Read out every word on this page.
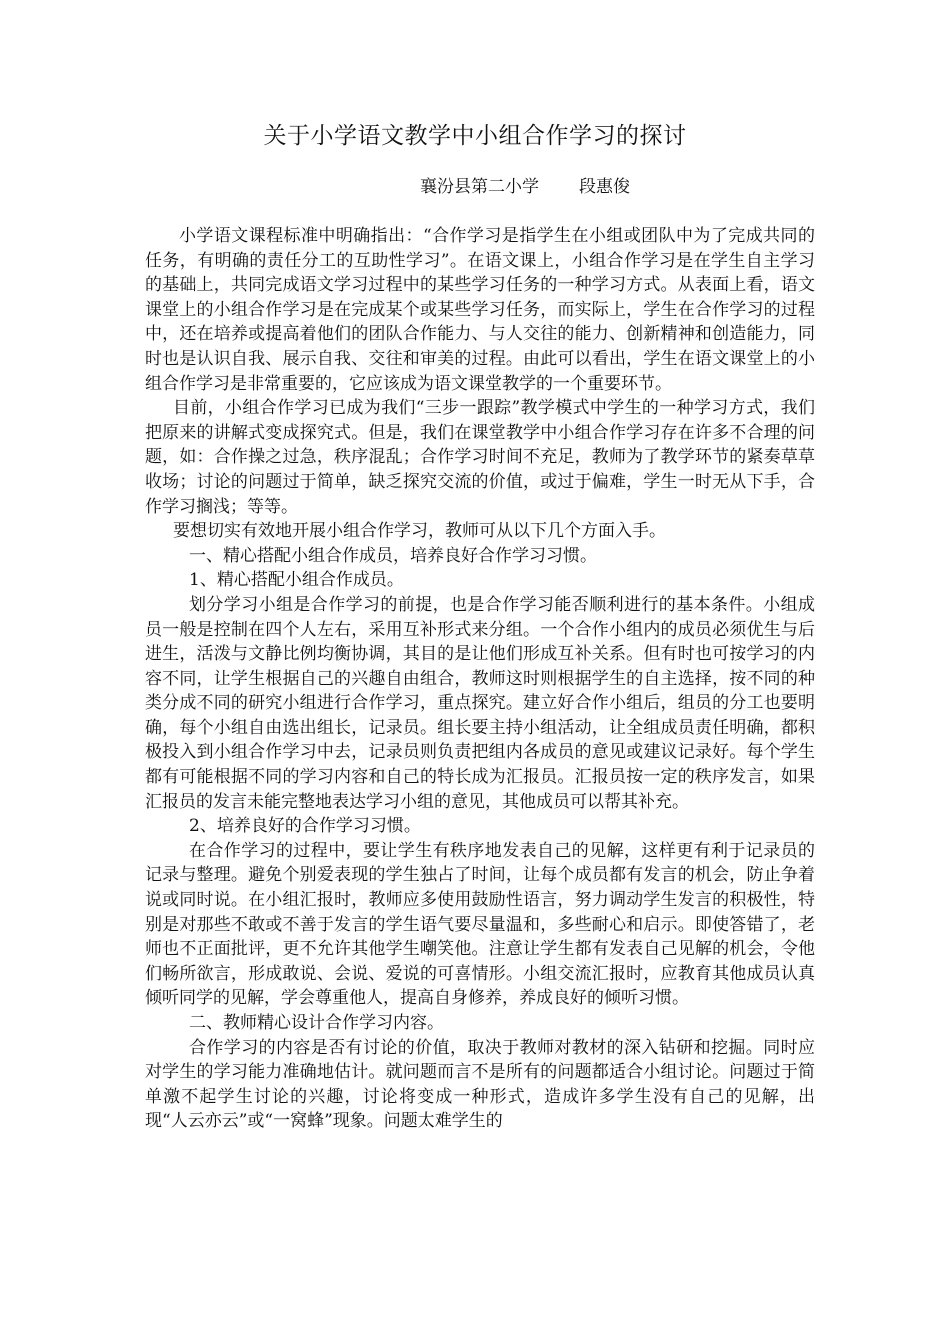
关于小学语文教学中小组合作学习的探讨
襄汾县第二小学 段惠俊

小学语文课程标准中明确指出：“合作学习是指学生在小组或团队中为了完成共同的任务，有明确的责任分工的互助性学习”。在语文课上，小组合作学习是在学生自主学习的基础上，共同完成语文学习过程中的某些学习任务的一种学习方式。从表面上看，语文课堂上的小组合作学习是在完成某个或某些学习任务，而实际上，学生在合作学习的过程中，还在培养或提高着他们的团队合作能力、与人交往的能力、创新精神和创造能力，同时也是认识自我、展示自我、交往和审美的过程。由此可以看出，学生在语文课堂上的小组合作学习是非常重要的，它应该成为语文课堂教学的一个重要环节。

目前，小组合作学习已成为我们“三步一跟踪”教学模式中学生的一种学习方式，我们把原来的讲解式变成探究式。但是，我们在课堂教学中小组合作学习存在许多不合理的问题，如：合作操之过急，秩序混乱；合作学习时间不充足，教师为了教学环节的紧奏草草收场；讨论的问题过于简单，缺乏探究交流的价值，或过于偏难，学生一时无从下手，合作学习搁浅；等等。

要想切实有效地开展小组合作学习，教师可从以下几个方面入手。

一、精心搭配小组合作成员，培养良好合作学习习惯。

1、精心搭配小组合作成员。

划分学习小组是合作学习的前提，也是合作学习能否顺利进行的基本条件。小组成员一般是控制在四个人左右，采用互补形式来分组。一个合作小组内的成员必须优生与后进生，活泼与文静比例均衡协调，其目的是让他们形成互补关系。但有时也可按学习的内容不同，让学生根据自己的兴趣自由组合，教师这时则根据学生的自主选择，按不同的种类分成不同的研究小组进行合作学习，重点探究。建立好合作小组后，组员的分工也要明确，每个小组自由选出组长，记录员。组长要主持小组活动，让全组成员责任明确，都积极投入到小组合作学习中去，记录员则负责把组内各成员的意见或建议记录好。每个学生都有可能根据不同的学习内容和自己的特长成为汇报员。汇报员按一定的秩序发言，如果汇报员的发言未能完整地表达学习小组的意见，其他成员可以帮其补充。

2、培养良好的合作学习习惯。

在合作学习的过程中，要让学生有秩序地发表自己的见解，这样更有利于记录员的记录与整理。避免个别爱表现的学生独占了时间，让每个成员都有发言的机会，防止争着说或同时说。在小组汇报时，教师应多使用鼓励性语言，努力调动学生发言的积极性，特别是对那些不敢或不善于发言的学生语气要尽量温和，多些耐心和启示。即使答错了，老师也不正面批评，更不允许其他学生嘲笑他。注意让学生都有发表自己见解的机会，令他们畅所欲言，形成敢说、会说、爱说的可喜情形。小组交流汇报时，应教育其他成员认真倾听同学的见解，学会尊重他人，提高自身修养，养成良好的倾听习惯。

二、教师精心设计合作学习内容。

合作学习的内容是否有讨论的价值，取决于教师对教材的深入钻研和挖掘。同时应对学生的学习能力准确地估计。就问题而言不是所有的问题都适合小组讨论。问题过于简单激不起学生讨论的兴趣，讨论将变成一种形式，造成许多学生没有自己的见解，出现“人云亦云”或“一窝蜂”现象。问题太难学生的
